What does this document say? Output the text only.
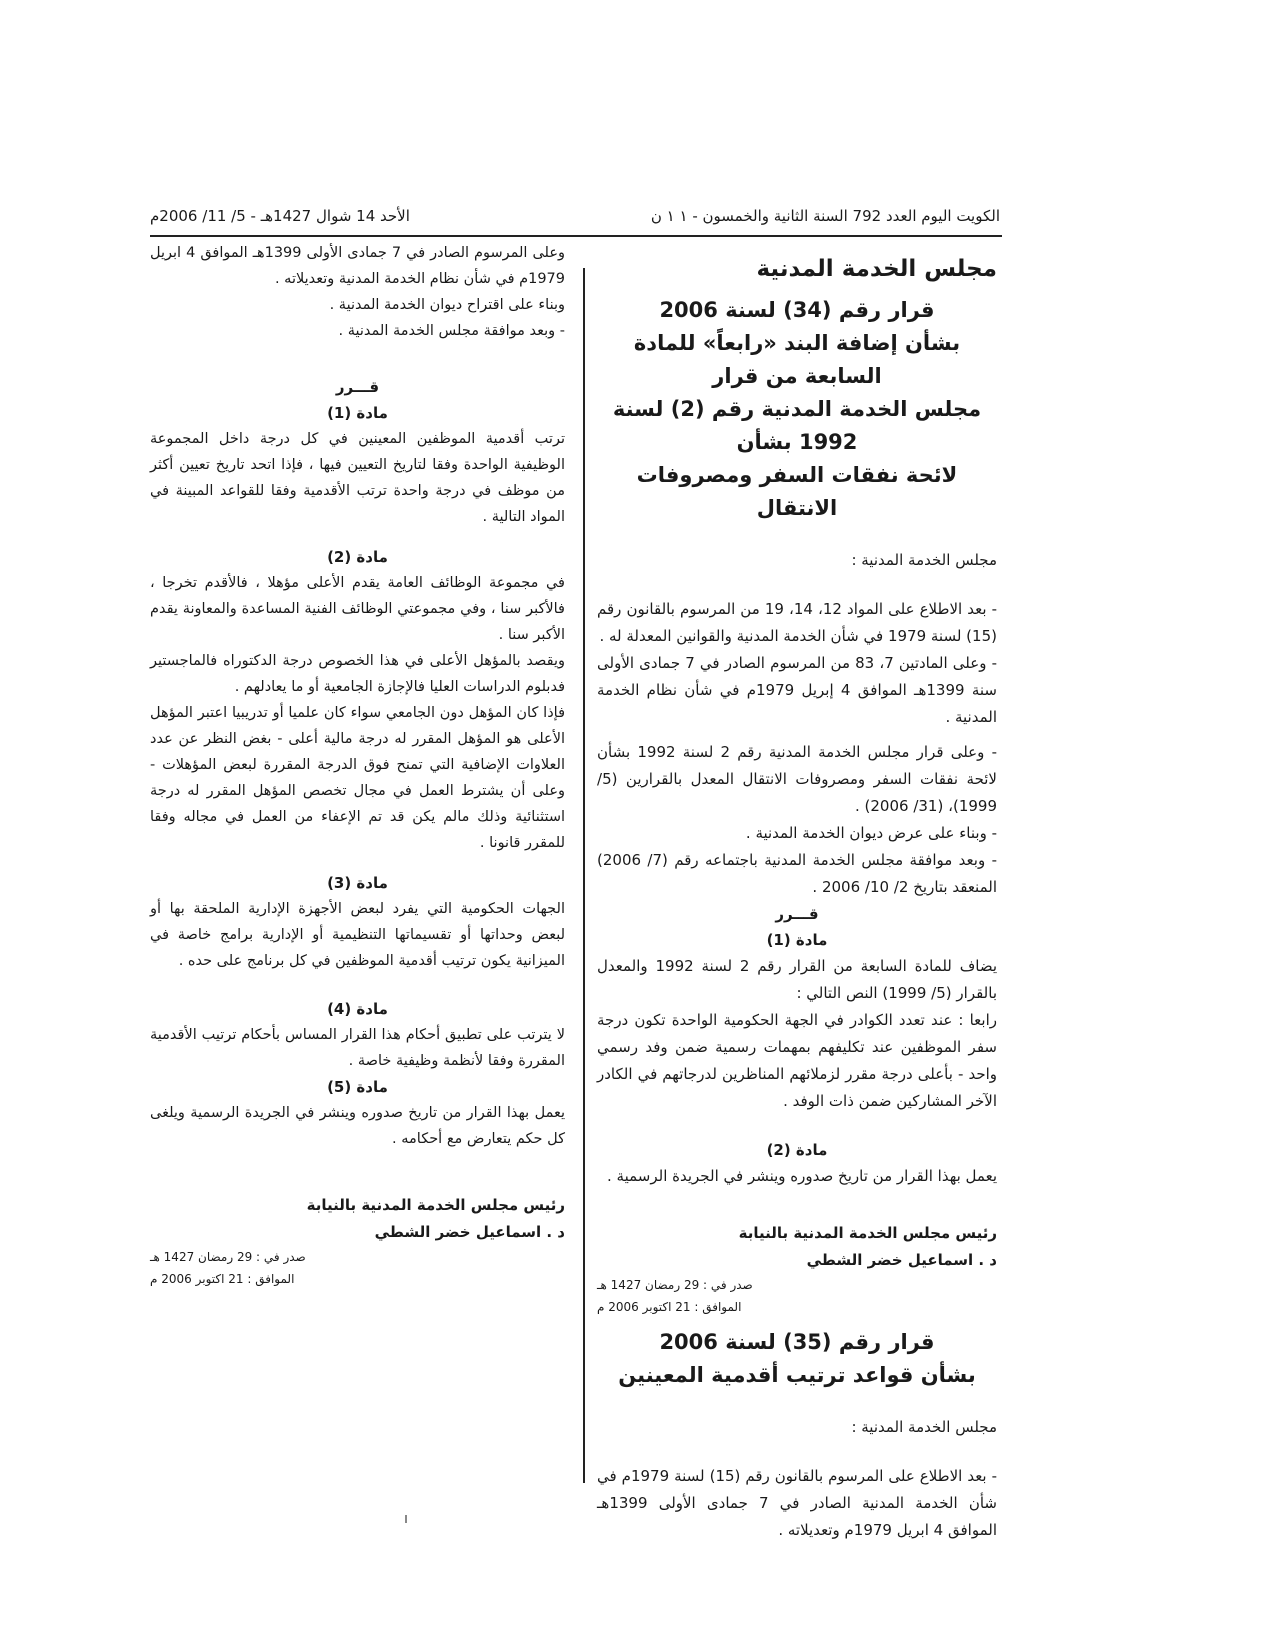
الكويت اليوم العدد 792 السنة الثانية والخمسون - ١ ١ ن
الأحد 14 شوال 1427هـ - 5/ 11/ 2006م
مجلس الخدمة المدنية

قرار رقم (34) لسنة 2006

بشأن إضافة البند «رابعاً» للمادة السابعة من قرار

مجلس الخدمة المدنية رقم (2) لسنة 1992 بشأن

لائحة نفقات السفر ومصروفات الانتقال

مجلس الخدمة المدنية :

- بعد الاطلاع على المواد 12، 14، 19 من المرسوم بالقانون رقم (15) لسنة 1979 في شأن الخدمة المدنية والقوانين المعدلة له .

- وعلى المادتين 7، 83 من المرسوم الصادر في 7 جمادى الأولى سنة 1399هـ الموافق 4 إبريل 1979م في شأن نظام الخدمة المدنية .

- وعلى قرار مجلس الخدمة المدنية رقم 2 لسنة 1992 بشأن لائحة نفقات السفر ومصروفات الانتقال المعدل بالقرارين (5/ 1999)، (31/ 2006) .

- وبناء على عرض ديوان الخدمة المدنية .

- وبعد موافقة مجلس الخدمة المدنية باجتماعه رقم (7/ 2006) المنعقد بتاريخ 2/ 10/ 2006 .

قـــرر

مادة (1)

يضاف للمادة السابعة من القرار رقم 2 لسنة 1992 والمعدل بالقرار (5/ 1999) النص التالي :

رابعا : عند تعدد الكوادر في الجهة الحكومية الواحدة تكون درجة سفر الموظفين عند تكليفهم بمهمات رسمية ضمن وفد رسمي واحد - بأعلى درجة مقرر لزملائهم المناظرين لدرجاتهم في الكادر الآخر المشاركين ضمن ذات الوفد .

مادة (2)

يعمل بهذا القرار من تاريخ صدوره وينشر في الجريدة الرسمية .

رئيس مجلس الخدمة المدنية بالنيابة
د . اسماعيل خضر الشطي
صدر في : 29 رمضان 1427 هـ
الموافق : 21 اكتوبر 2006 م

قرار رقم (35) لسنة 2006

بشأن قواعد ترتيب أقدمية المعينين

مجلس الخدمة المدنية :

- بعد الاطلاع على المرسوم بالقانون رقم (15) لسنة 1979م في شأن الخدمة المدنية الصادر في 7 جمادى الأولى 1399هـ الموافق 4 ابريل 1979م وتعديلاته .

وعلى المرسوم الصادر في 7 جمادى الأولى 1399هـ الموافق 4 ابريل 1979م في شأن نظام الخدمة المدنية وتعديلاته .

وبناء على اقتراح ديوان الخدمة المدنية .

- وبعد موافقة مجلس الخدمة المدنية .

قـــرر

مادة (1)

ترتب أقدمية الموظفين المعينين في كل درجة داخل المجموعة الوظيفية الواحدة وفقا لتاريخ التعيين فيها ، فإذا اتحد تاريخ تعيين أكثر من موظف في درجة واحدة ترتب الأقدمية وفقا للقواعد المبينة في المواد التالية .

مادة (2)

في مجموعة الوظائف العامة يقدم الأعلى مؤهلا ، فالأقدم تخرجا ، فالأكبر سنا ، وفي مجموعتي الوظائف الفنية المساعدة والمعاونة يقدم الأكبر سنا .

ويقصد بالمؤهل الأعلى في هذا الخصوص درجة الدكتوراه فالماجستير فدبلوم الدراسات العليا فالإجازة الجامعية أو ما يعادلهم .

فإذا كان المؤهل دون الجامعي سواء كان علميا أو تدريبيا اعتبر المؤهل الأعلى هو المؤهل المقرر له درجة مالية أعلى - بغض النظر عن عدد العلاوات الإضافية التي تمنح فوق الدرجة المقررة لبعض المؤهلات - وعلى أن يشترط العمل في مجال تخصص المؤهل المقرر له درجة استثنائية وذلك مالم يكن قد تم الإعفاء من العمل في مجاله وفقا للمقرر قانونا .

مادة (3)

الجهات الحكومية التي يفرد لبعض الأجهزة الإدارية الملحقة بها أو لبعض وحداتها أو تقسيماتها التنظيمية أو الإدارية برامج خاصة في الميزانية يكون ترتيب أقدمية الموظفين في كل برنامج على حده .

مادة (4)

لا يترتب على تطبيق أحكام هذا القرار المساس بأحكام ترتيب الأقدمية المقررة وفقا لأنظمة وظيفية خاصة .

مادة (5)

يعمل بهذا القرار من تاريخ صدوره وينشر في الجريدة الرسمية ويلغى كل حكم يتعارض مع أحكامه .

رئيس مجلس الخدمة المدنية بالنيابة
د . اسماعيل خضر الشطي
صدر في : 29 رمضان 1427 هـ
الموافق : 21 اكتوبر 2006 م
